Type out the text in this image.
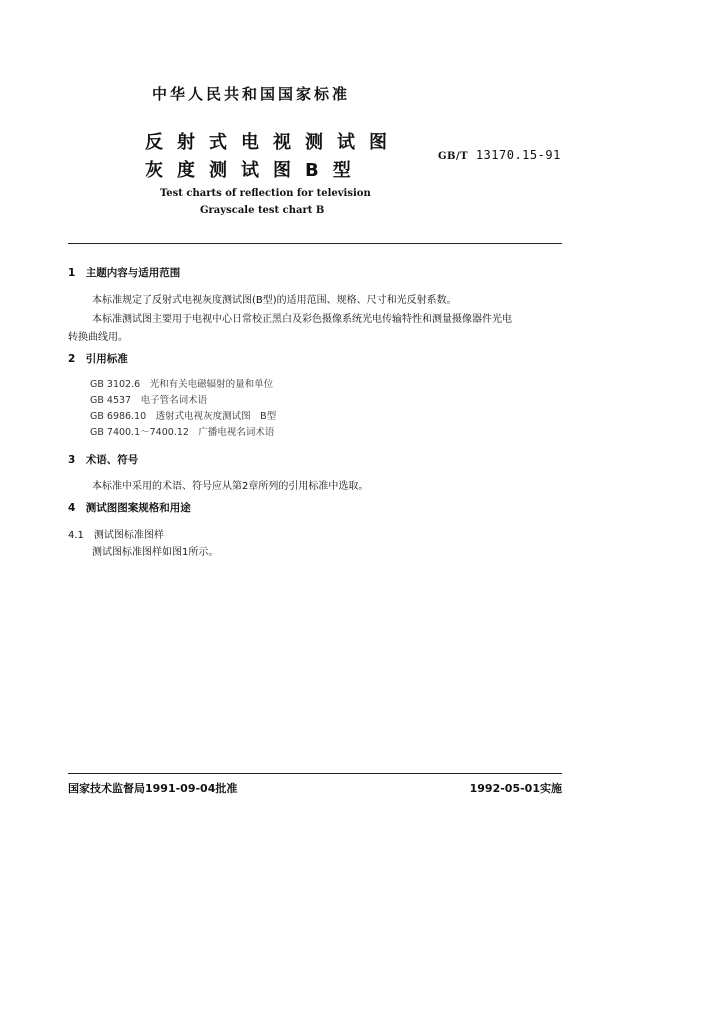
中华人民共和国国家标准
反射式电视测试图
灰度测试图B型
GB/T 13170.15-91
Test charts of reflection for television
Grayscale test chart B
1　主题内容与适用范围
本标准规定了反射式电视灰度测试图(B型)的适用范围、规格、尺寸和光反射系数。
本标准测试图主要用于电视中心日常校正黑白及彩色摄像系统光电传输特性和测量摄像器件光电
转换曲线用。
2　引用标准
GB 3102.6　光和有关电磁辐射的量和单位
GB 4537　电子管名词术语
GB 6986.10　透射式电视灰度测试图　B型
GB 7400.1～7400.12　广播电视名词术语
3　术语、符号
本标准中采用的术语、符号应从第2章所列的引用标准中选取。
4　测试图图案规格和用途
4.1　测试图标准图样
测试图标准图样如图1所示。
国家技术监督局1991-09-04批准	1992-05-01实施
